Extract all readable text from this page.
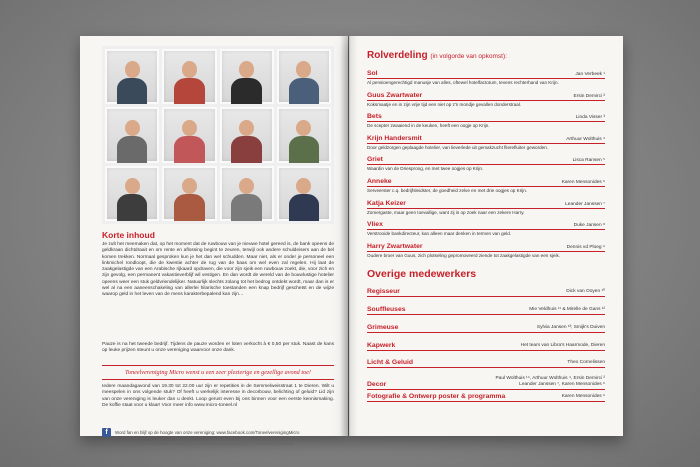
Korte inhoud
Je zult het meemaken dat, op het moment dat de ruwbouw van je nieuwe hotel gereed is, de bank opeens de geldkraan dichtdraait en om rente en aflossing begint te zeuren, terwijl ook andere schuldeisers aan de bel komen trekken. Normaal gesproken kun je het dan wel schudden. Maar niet, als er onder je personeel een linkmichel rondloopt, die de kwestie achter de rug van de baas om wel even zal regelen. Hij laat de zaakgelastigde van een Arabische rijkaard opdraven, die voor zijn sjeik een ruwbouw zoekt, die, voor zich en zijn gevolg, een permanent vakantieverblijf wil vestigen. En dan wordt de wereld van de bouwlustige hotelier opeens weer een stuk geldvriendelijker. Natuurlijk slechts zolang tot het bedrog ontdekt wordt, maar dan is er wel al na een aaneenschakeling van allerlei hilarische toestanden een knap bedrijf geschetst en de wijze waarop geld in het leven van de mens karakterbepalend kan zijn…
Pauze is na het tweede bedrijf. Tijdens de pauze worden er loten verkocht à € 0,50 per stuk. Naast de kans op leuke prijzen steunt u onze vereniging waarvoor onze dank.
Toneelvereniging Micro wenst u een zeer plezierige en gezellige avond toe!
Iedere maandagavond van 19.30 tot 22.00 uur zijn er repetities in de Semmelweisstraat 1 te Dieren. Wilt u meespelen in ons volgende stuk? Of heeft u werkelijk interesse in decorbouw, belichting of geluid? Lid zijn van onze vereniging is leuker dan u denkt. Loop gerust even bij ons binnen voor een eerste kennismaking. De koffie staat voor u klaar! Voor meer info www.micro-toneel.nl
f	Word fan en blijf op de hoogte van onze vereniging: www.facebook.com/ToneelverenigingMicro
Micro brengt deze opvoering met speciale toestemming van het I.B.A. "Holland" B.V. te Alkmaar
Rolverdeling (in volgorde van opkomst):
Sol	Jan Verbeek ¹
Al pensioengerechtigd manusje van alles, oftewel hotelfactotum, tevens rechterhand van Krijn.
Guus Zwartwater	Ersin Demirci ²
Koksmaatje en in zijn vrije tijd een niet op z'n mondje gevallen donderstraal.
Bets	Linda Visser ³
De scepter zwaaiend in de keuken, heeft een oogje op Krijn.
Krijn Handersmit	Arthuur Wolthuis ⁴
Door geldzorgen geplaagde hotelier, van lieverlede uit gemakzucht flierefluiter geworden.
Griet	Lisca Ransen ⁵
Waardin van de Driesprong, en met twee oogjes op Krijn.
Anneke	Karen Mensonides ⁶
Serveerster c.q. bedrijfsleidster, de goedheid zelve en met drie oogjes op Krijn.
Katja Keizer	Leander Janssen ⁷
Zomergaste, maar geen toevallige, want zij is op zoek naar een zekere Harry.
Vliex	Duke Jansen ⁸
Verstrooide bankdirecteur, kan alleen maar denken in termen van geld.
Harry Zwartwater	Dennis vd Ploeg ⁹
Oudere broer van Guus, zich plotseling gepromoveerd ziende tot zaakgelastigde van een sjeik.
Overige medewerkers
Regisseur	Dick van Ooyen ¹⁰
Souffleuses	Mie Veldhuis ¹¹ & Mirelle de Gans ¹²
Grimeuse	Sylvia Jansen ¹³; Smijk's Duiven
Kapwerk	Het team van Libra's Haarmode, Dieren
Licht & Geluid	Theo Cornelissen
Decor
Paul Wolthuis ¹⁴, Arthuur Wolthuis ⁴, Ersin Demirci ²
Leander Janssen ⁷, Karen Mensonides ⁶
Fotografie & Ontwerp poster & programma	Karen Mensonides ⁶
